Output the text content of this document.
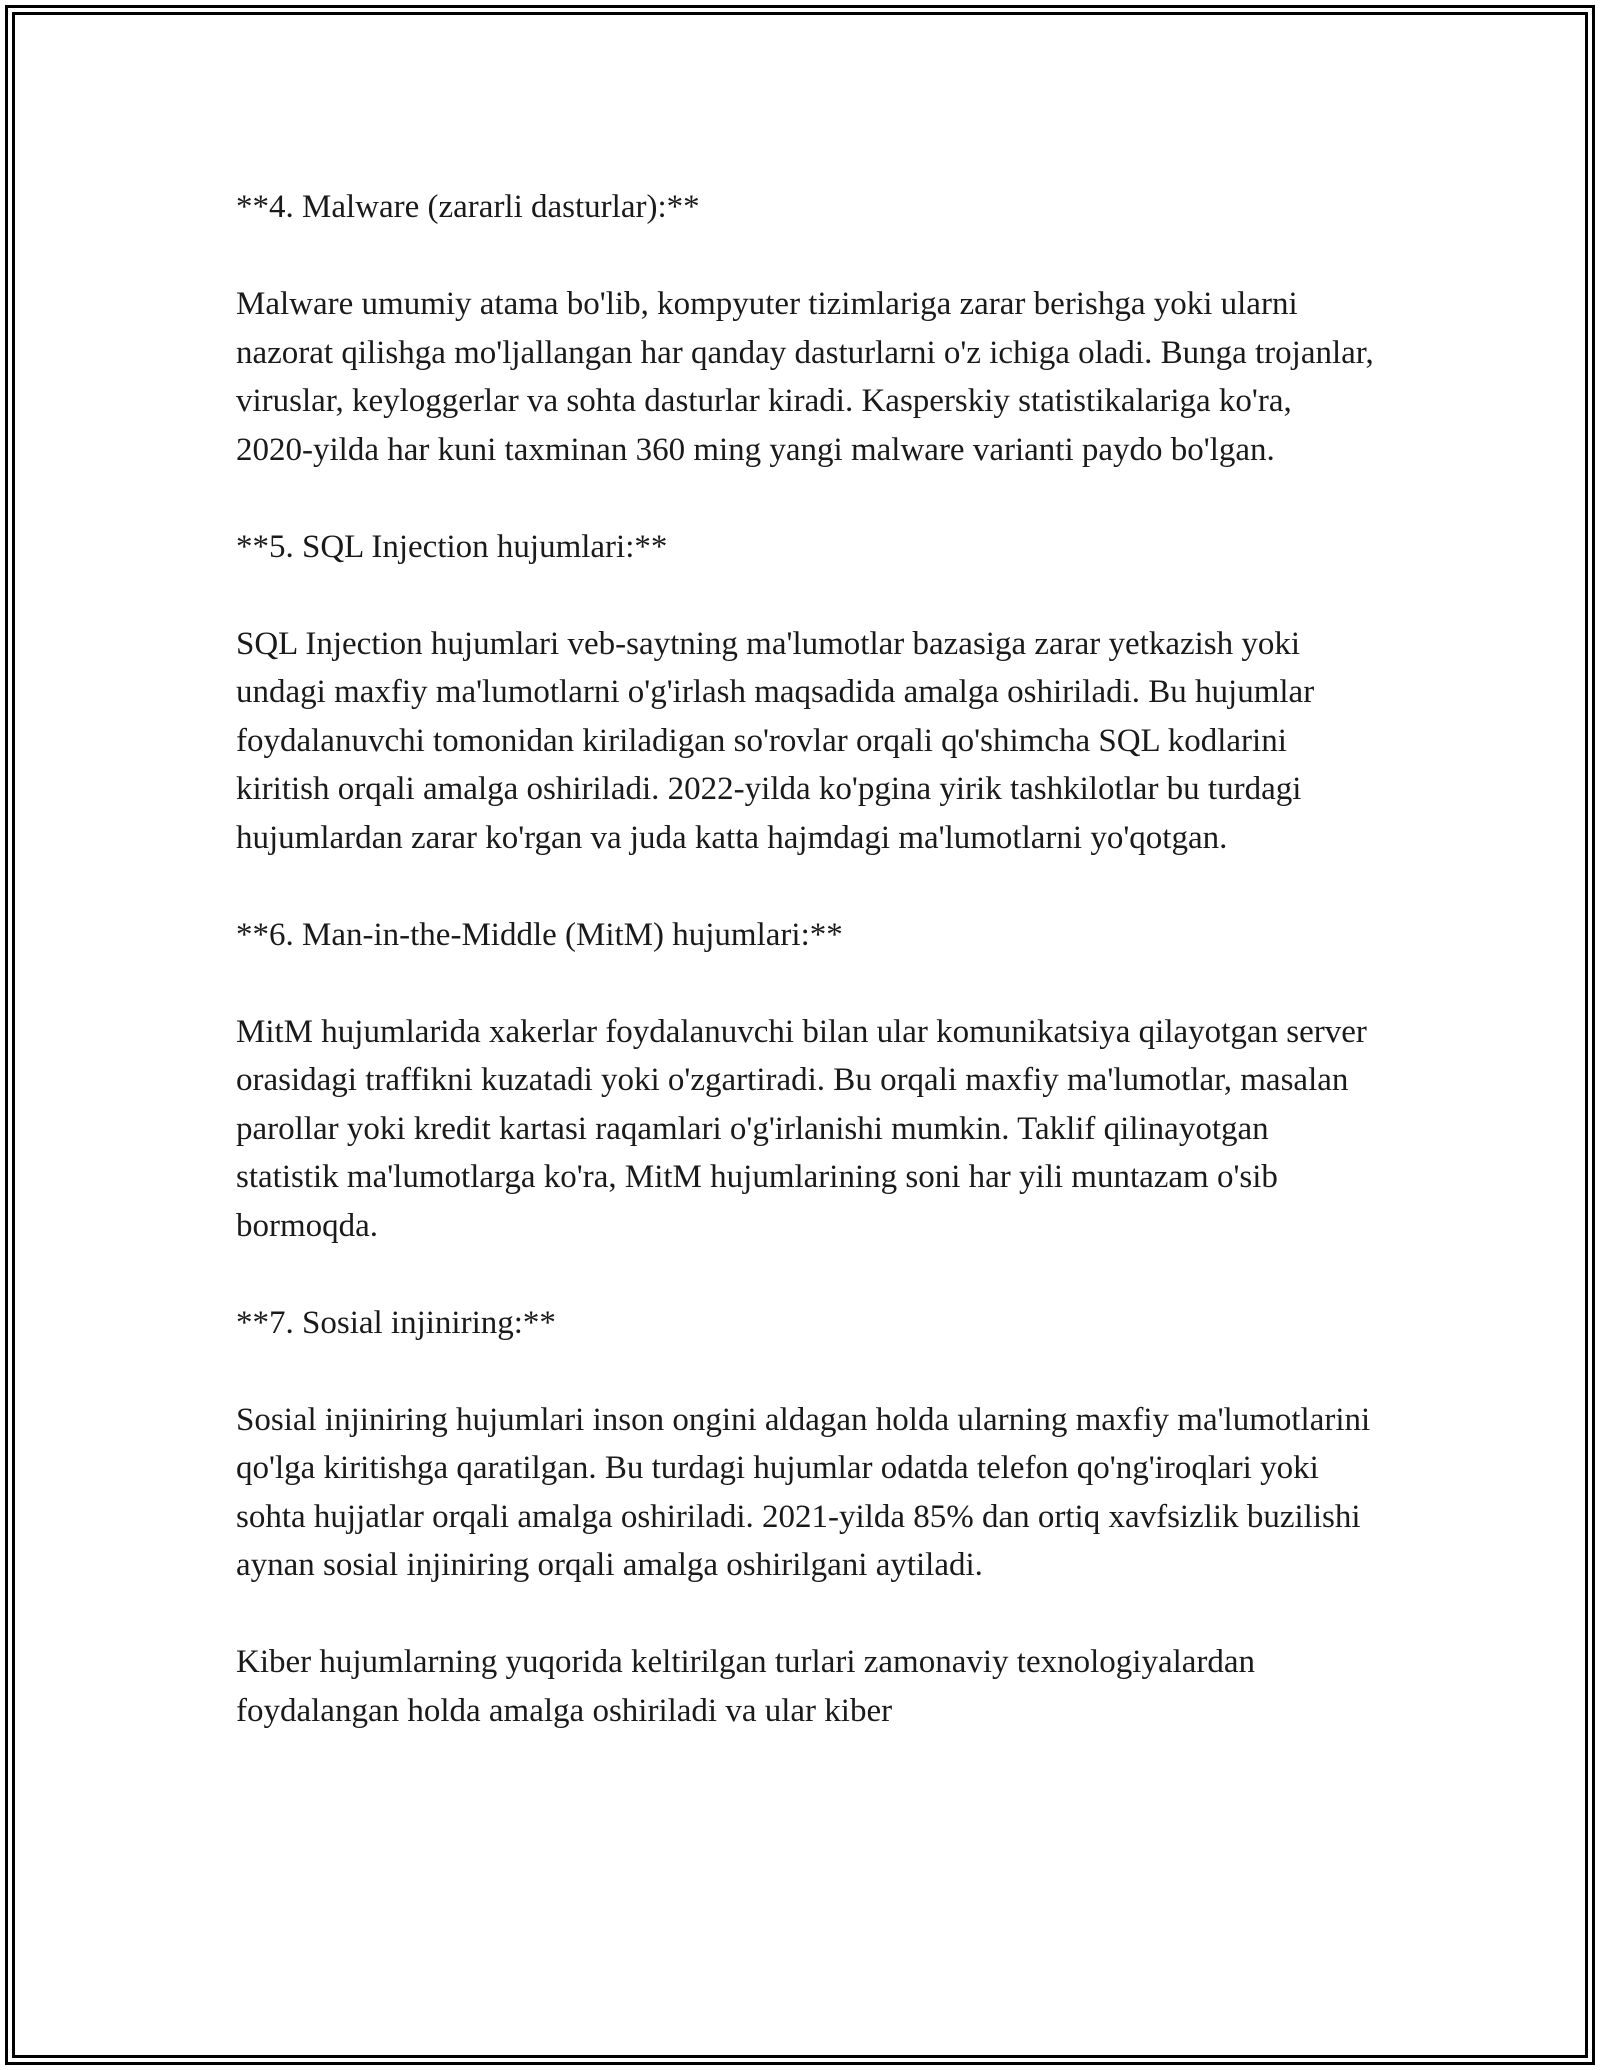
**4. Malware (zararli dasturlar):**

Malware umumiy atama bo'lib, kompyuter tizimlariga zarar berishga yoki ularni nazorat qilishga mo'ljallangan har qanday dasturlarni o'z ichiga oladi. Bunga trojanlar, viruslar, keyloggerlar va sohta dasturlar kiradi. Kasperskiy statistikalariga ko'ra, 2020-yilda har kuni taxminan 360 ming yangi malware varianti paydo bo'lgan.

**5. SQL Injection hujumlari:**

SQL Injection hujumlari veb-saytning ma'lumotlar bazasiga zarar yetkazish yoki undagi maxfiy ma'lumotlarni o'g'irlash maqsadida amalga oshiriladi. Bu hujumlar foydalanuvchi tomonidan kiriladigan so'rovlar orqali qo'shimcha SQL kodlarini kiritish orqali amalga oshiriladi. 2022-yilda ko'pgina yirik tashkilotlar bu turdagi hujumlardan zarar ko'rgan va juda katta hajmdagi ma'lumotlarni yo'qotgan.

**6. Man-in-the-Middle (MitM) hujumlari:**

MitM hujumlarida xakerlar foydalanuvchi bilan ular komunikatsiya qilayotgan server orasidagi traffikni kuzatadi yoki o'zgartiradi. Bu orqali maxfiy ma'lumotlar, masalan parollar yoki kredit kartasi raqamlari o'g'irlanishi mumkin. Taklif qilinayotgan statistik ma'lumotlarga ko'ra, MitM hujumlarining soni har yili muntazam o'sib bormoqda.

**7. Sosial injiniring:**

Sosial injiniring hujumlari inson ongini aldagan holda ularning maxfiy ma'lumotlarini qo'lga kiritishga qaratilgan. Bu turdagi hujumlar odatda telefon qo'ng'iroqlari yoki sohta hujjatlar orqali amalga oshiriladi. 2021-yilda 85% dan ortiq xavfsizlik buzilishi aynan sosial injiniring orqali amalga oshirilgani aytiladi.

Kiber hujumlarning yuqorida keltirilgan turlari zamonaviy texnologiyalardan foydalangan holda amalga oshiriladi va ular kiber
